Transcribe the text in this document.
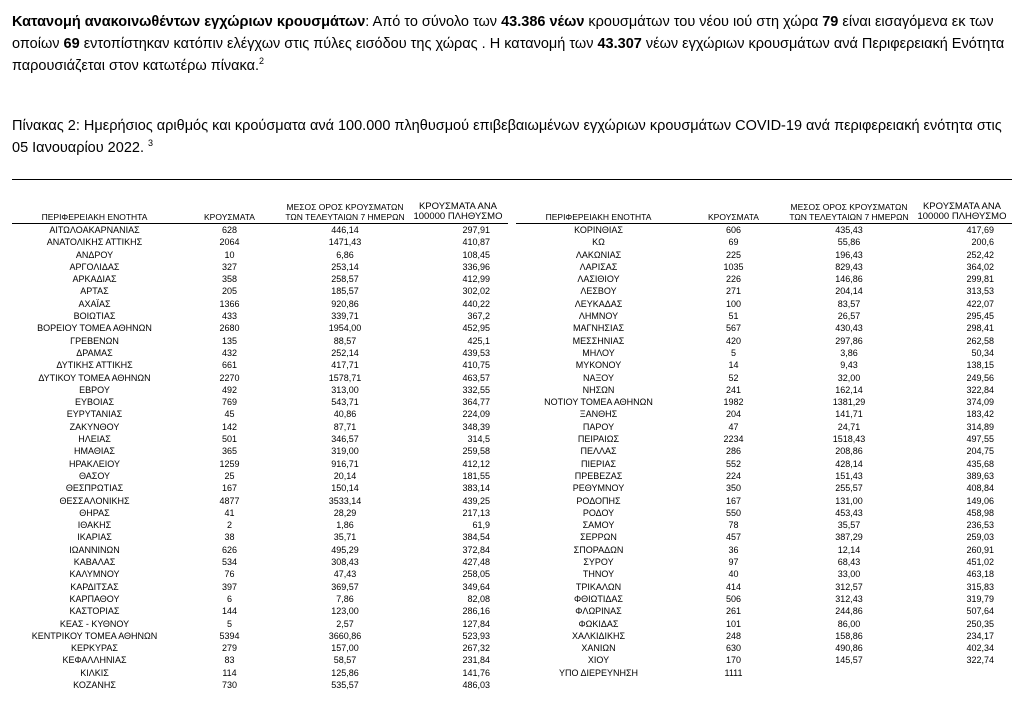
Κατανομή ανακοινωθέντων εγχώριων κρουσμάτων: Από το σύνολο των 43.386 νέων κρουσμάτων του νέου ιού στη χώρα 79 είναι εισαγόμενα εκ των οποίων 69 εντοπίστηκαν κατόπιν ελέγχων στις πύλες εισόδου της χώρας . Η κατανομή των 43.307 νέων εγχώριων κρουσμάτων ανά Περιφερειακή Ενότητα παρουσιάζεται στον κατωτέρω πίνακα.$^2$

Πίνακας 2: Ημερήσιος αριθμός και κρούσματα ανά 100.000 πληθυσμού επιβεβαιωμένων εγχώριων κρουσμάτων COVID-19 ανά περιφερειακή ενότητα στις 05 Ιανουαρίου 2022. $^3$

ΠΕΡΙΦΕΡΕΙΑΚΗ ΕΝΟΤΗΤΑ	ΚΡΟΥΣΜΑΤΑ	ΜΕΣΟΣ ΟΡΟΣ ΚΡΟΥΣΜΑΤΩΝ ΤΩΝ ΤΕΛΕΥΤΑΙΩΝ 7 ΗΜΕΡΩΝ	ΚΡΟΥΣΜΑΤΑ ΑΝΑ 100000 ΠΛΗΘΥΣΜΟ
ΑΙΤΩΛΟΑΚΑΡΝΑΝΙΑΣ	628	446,14	297,91
ΑΝΑΤΟΛΙΚΗΣ ΑΤΤΙΚΗΣ	2064	1471,43	410,87
ΑΝΔΡΟΥ	10	6,86	108,45
ΑΡΓΟΛΙΔΑΣ	327	253,14	336,96
ΑΡΚΑΔΙΑΣ	358	258,57	412,99
ΑΡΤΑΣ	205	185,57	302,02
ΑΧΑΪΑΣ	1366	920,86	440,22
ΒΟΙΩΤΙΑΣ	433	339,71	367,2
ΒΟΡΕΙΟΥ ΤΟΜΕΑ ΑΘΗΝΩΝ	2680	1954,00	452,95
ΓΡΕΒΕΝΩΝ	135	88,57	425,1
ΔΡΑΜΑΣ	432	252,14	439,53
ΔΥΤΙΚΗΣ ΑΤΤΙΚΗΣ	661	417,71	410,75
ΔΥΤΙΚΟΥ ΤΟΜΕΑ ΑΘΗΝΩΝ	2270	1578,71	463,57
ΕΒΡΟΥ	492	313,00	332,55
ΕΥΒΟΙΑΣ	769	543,71	364,77
ΕΥΡΥΤΑΝΙΑΣ	45	40,86	224,09
ΖΑΚΥΝΘΟΥ	142	87,71	348,39
ΗΛΕΙΑΣ	501	346,57	314,5
ΗΜΑΘΙΑΣ	365	319,00	259,58
ΗΡΑΚΛΕΙΟΥ	1259	916,71	412,12
ΘΑΣΟΥ	25	20,14	181,55
ΘΕΣΠΡΩΤΙΑΣ	167	150,14	383,14
ΘΕΣΣΑΛΟΝΙΚΗΣ	4877	3533,14	439,25
ΘΗΡΑΣ	41	28,29	217,13
ΙΘΑΚΗΣ	2	1,86	61,9
ΙΚΑΡΙΑΣ	38	35,71	384,54
ΙΩΑΝΝΙΝΩΝ	626	495,29	372,84
ΚΑΒΑΛΑΣ	534	308,43	427,48
ΚΑΛΥΜΝΟΥ	76	47,43	258,05
ΚΑΡΔΙΤΣΑΣ	397	369,57	349,64
ΚΑΡΠΑΘΟΥ	6	7,86	82,08
ΚΑΣΤΟΡΙΑΣ	144	123,00	286,16
ΚΕΑΣ - ΚΥΘΝΟΥ	5	2,57	127,84
ΚΕΝΤΡΙΚΟΥ ΤΟΜΕΑ ΑΘΗΝΩΝ	5394	3660,86	523,93
ΚΕΡΚΥΡΑΣ	279	157,00	267,32
ΚΕΦΑΛΛΗΝΙΑΣ	83	58,57	231,84
ΚΙΛΚΙΣ	114	125,86	141,76
ΚΟΖΑΝΗΣ	730	535,57	486,03
ΠΕΡΙΦΕΡΕΙΑΚΗ ΕΝΟΤΗΤΑ	ΚΡΟΥΣΜΑΤΑ	ΜΕΣΟΣ ΟΡΟΣ ΚΡΟΥΣΜΑΤΩΝ ΤΩΝ ΤΕΛΕΥΤΑΙΩΝ 7 ΗΜΕΡΩΝ	ΚΡΟΥΣΜΑΤΑ ΑΝΑ 100000 ΠΛΗΘΥΣΜΟ
ΚΟΡΙΝΘΙΑΣ	606	435,43	417,69
ΚΩ	69	55,86	200,6
ΛΑΚΩΝΙΑΣ	225	196,43	252,42
ΛΑΡΙΣΑΣ	1035	829,43	364,02
ΛΑΣΙΘΙΟΥ	226	146,86	299,81
ΛΕΣΒΟΥ	271	204,14	313,53
ΛΕΥΚΑΔΑΣ	100	83,57	422,07
ΛΗΜΝΟΥ	51	26,57	295,45
ΜΑΓΝΗΣΙΑΣ	567	430,43	298,41
ΜΕΣΣΗΝΙΑΣ	420	297,86	262,58
ΜΗΛΟΥ	5	3,86	50,34
ΜΥΚΟΝΟΥ	14	9,43	138,15
ΝΑΞΟΥ	52	32,00	249,56
ΝΗΣΩΝ	241	162,14	322,84
ΝΟΤΙΟΥ ΤΟΜΕΑ ΑΘΗΝΩΝ	1982	1381,29	374,09
ΞΑΝΘΗΣ	204	141,71	183,42
ΠΑΡΟΥ	47	24,71	314,89
ΠΕΙΡΑΙΩΣ	2234	1518,43	497,55
ΠΕΛΛΑΣ	286	208,86	204,75
ΠΙΕΡΙΑΣ	552	428,14	435,68
ΠΡΕΒΕΖΑΣ	224	151,43	389,63
ΡΕΘΥΜΝΟΥ	350	255,57	408,84
ΡΟΔΟΠΗΣ	167	131,00	149,06
ΡΟΔΟΥ	550	453,43	458,98
ΣΑΜΟΥ	78	35,57	236,53
ΣΕΡΡΩΝ	457	387,29	259,03
ΣΠΟΡΑΔΩΝ	36	12,14	260,91
ΣΥΡΟΥ	97	68,43	451,02
ΤΗΝΟΥ	40	33,00	463,18
ΤΡΙΚΑΛΩΝ	414	312,57	315,83
ΦΘΙΩΤΙΔΑΣ	506	312,43	319,79
ΦΛΩΡΙΝΑΣ	261	244,86	507,64
ΦΩΚΙΔΑΣ	101	86,00	250,35
ΧΑΛΚΙΔΙΚΗΣ	248	158,86	234,17
ΧΑΝΙΩΝ	630	490,86	402,34
ΧΙΟΥ	170	145,57	322,74
ΥΠΟ ΔΙΕΡΕΥΝΗΣΗ	1111		
